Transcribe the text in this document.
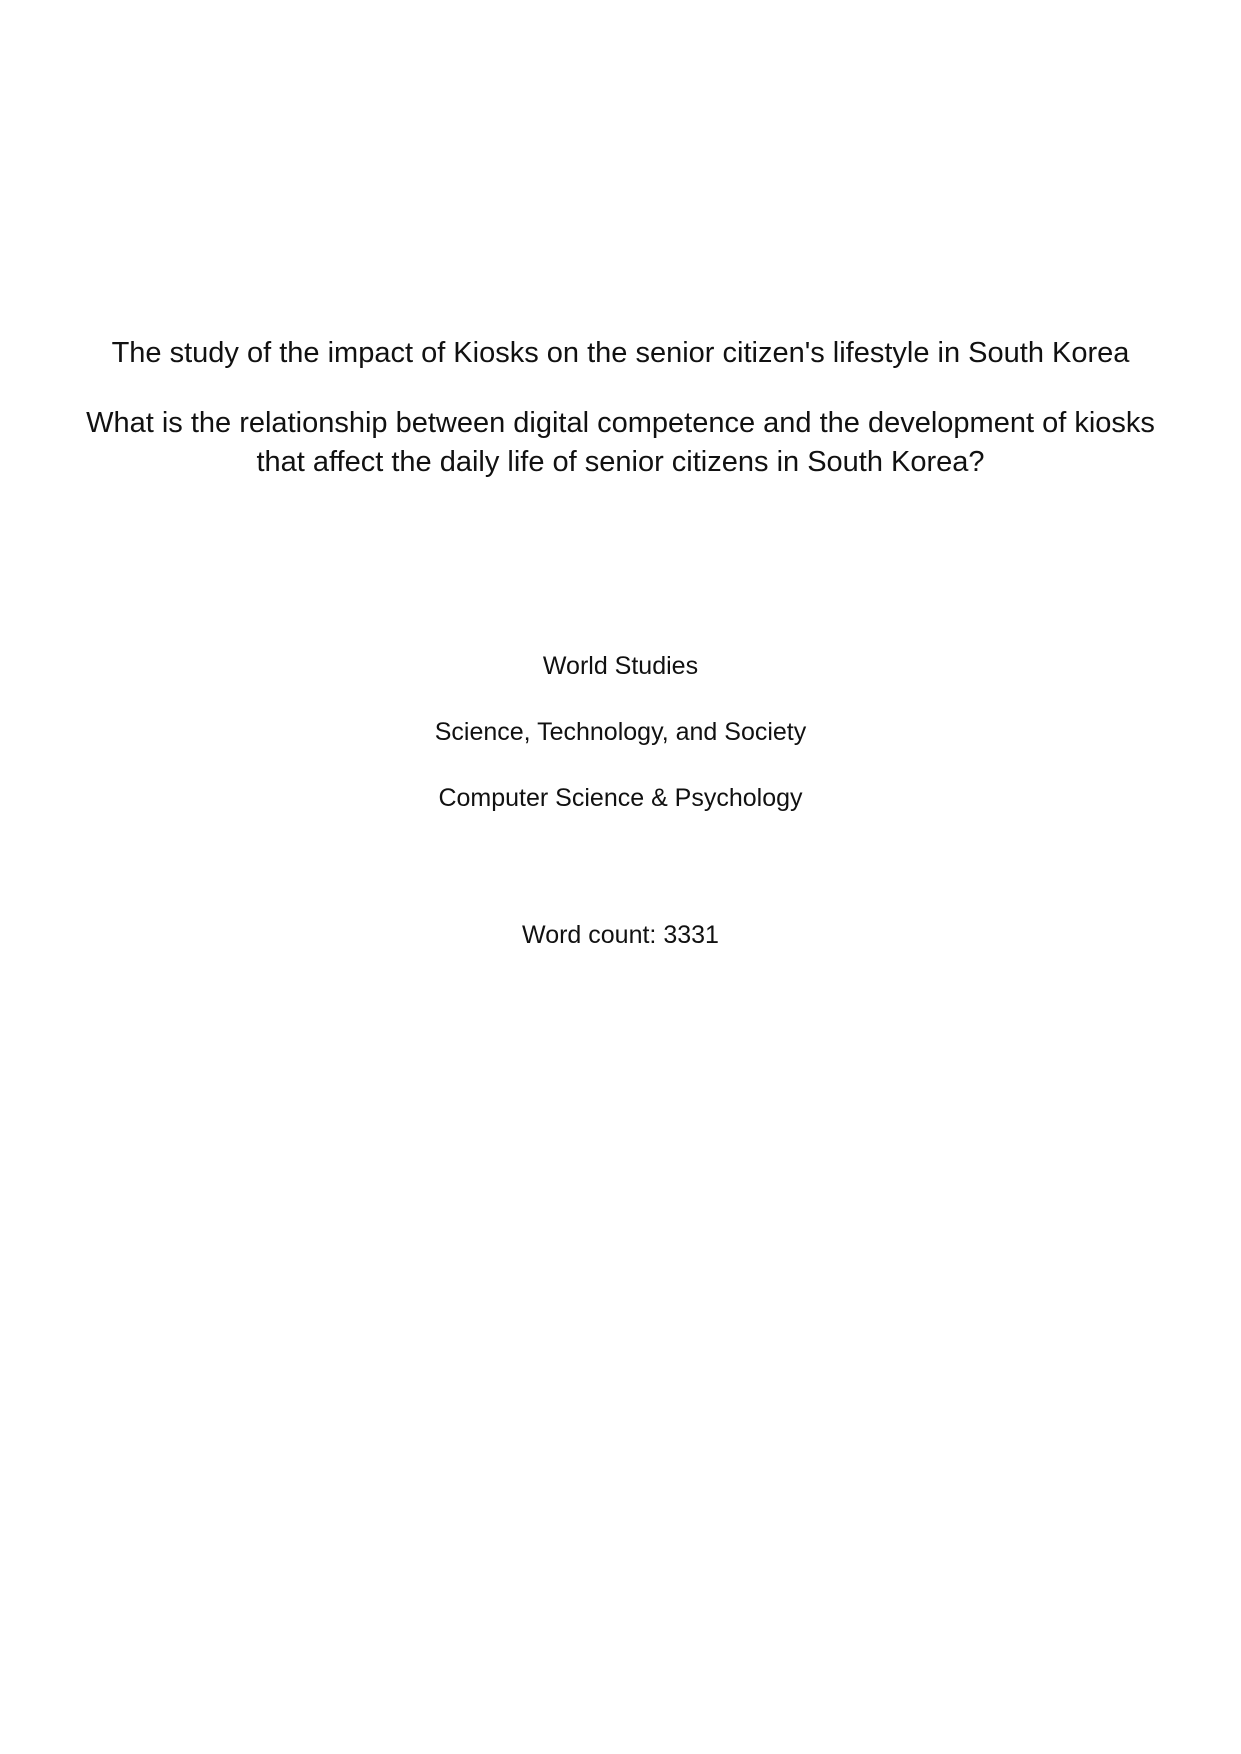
The study of the impact of Kiosks on the senior citizen's lifestyle in South Korea
What is the relationship between digital competence and the development of kiosks that affect the daily life of senior citizens in South Korea?

World Studies

Science, Technology, and Society

Computer Science & Psychology

Word count: 3331
